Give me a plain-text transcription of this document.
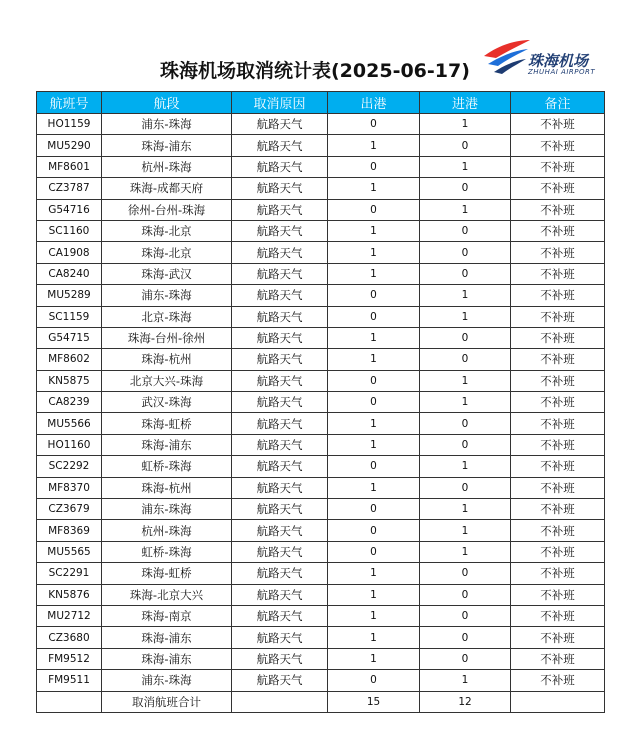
珠海机场取消统计表(2025-06-17)	珠海机场
ZHUHAI AIRPORT
航班号	航段	取消原因	出港	进港	备注
HO1159	浦东-珠海	航路天气	0	1	不补班
MU5290	珠海-浦东	航路天气	1	0	不补班
MF8601	杭州-珠海	航路天气	0	1	不补班
CZ3787	珠海-成都天府	航路天气	1	0	不补班
G54716	徐州-台州-珠海	航路天气	0	1	不补班
SC1160	珠海-北京	航路天气	1	0	不补班
CA1908	珠海-北京	航路天气	1	0	不补班
CA8240	珠海-武汉	航路天气	1	0	不补班
MU5289	浦东-珠海	航路天气	0	1	不补班
SC1159	北京-珠海	航路天气	0	1	不补班
G54715	珠海-台州-徐州	航路天气	1	0	不补班
MF8602	珠海-杭州	航路天气	1	0	不补班
KN5875	北京大兴-珠海	航路天气	0	1	不补班
CA8239	武汉-珠海	航路天气	0	1	不补班
MU5566	珠海-虹桥	航路天气	1	0	不补班
HO1160	珠海-浦东	航路天气	1	0	不补班
SC2292	虹桥-珠海	航路天气	0	1	不补班
MF8370	珠海-杭州	航路天气	1	0	不补班
CZ3679	浦东-珠海	航路天气	0	1	不补班
MF8369	杭州-珠海	航路天气	0	1	不补班
MU5565	虹桥-珠海	航路天气	0	1	不补班
SC2291	珠海-虹桥	航路天气	1	0	不补班
KN5876	珠海-北京大兴	航路天气	1	0	不补班
MU2712	珠海-南京	航路天气	1	0	不补班
CZ3680	珠海-浦东	航路天气	1	0	不补班
FM9512	珠海-浦东	航路天气	1	0	不补班
FM9511	浦东-珠海	航路天气	0	1	不补班
	取消航班合计		15	12	
